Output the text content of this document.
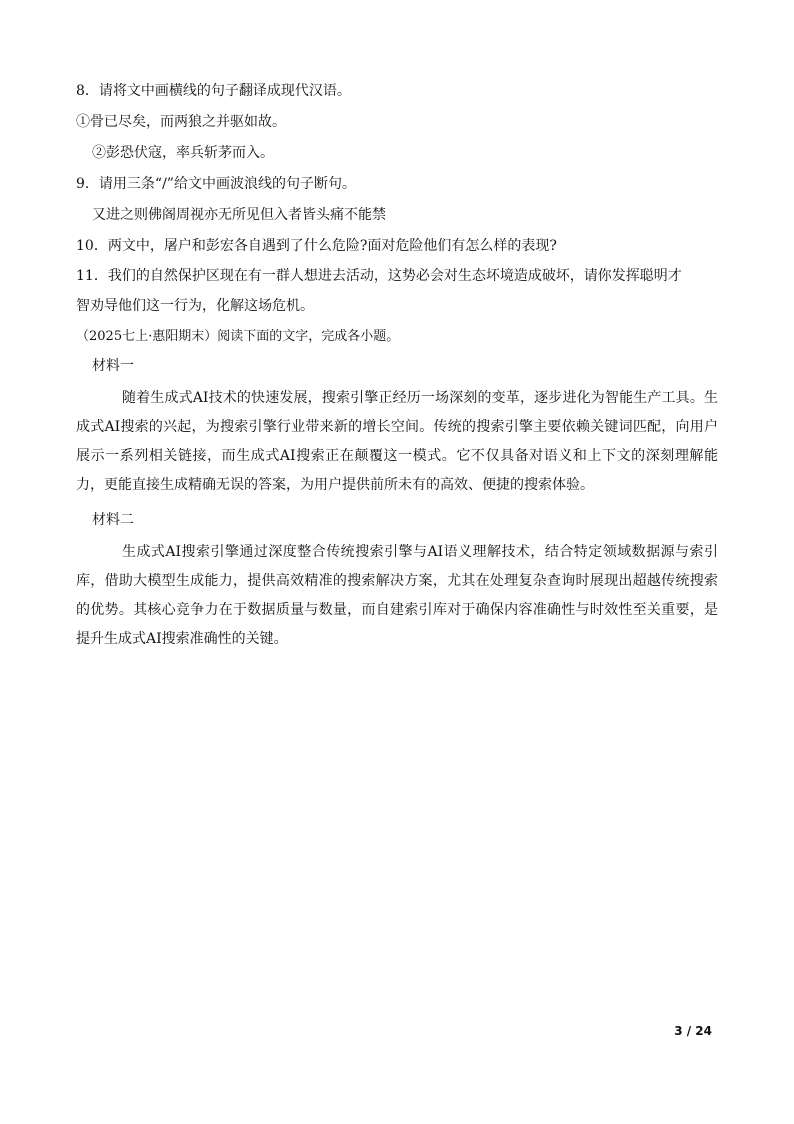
8．请将文中画横线的句子翻译成现代汉语。
①骨已尽矣，而两狼之并驱如故。
②彭恐伏寇，率兵斩茅而入。
9．请用三条“/”给文中画波浪线的句子断句。
又进之则佛阁周视亦无所见但入者皆头痛不能禁
10．两文中，屠户和彭宏各自遇到了什么危险?面对危险他们有怎么样的表现?
11．我们的自然保护区现在有一群人想进去活动，这势必会对生态坏境造成破坏，请你发挥聪明才
智劝导他们这一行为，化解这场危机。
（2025七上·惠阳期末）阅读下面的文字，完成各小题。
材料一

随着生成式AI技术的快速发展，搜索引擎正经历一场深刻的变革，逐步进化为智能生产工具。生成式AI搜索的兴起，为搜索引擎行业带来新的增长空间。传统的搜索引擎主要依赖关键词匹配，向用户展示一系列相关链接，而生成式AI搜索正在颠覆这一模式。它不仅具备对语义和上下文的深刻理解能力，更能直接生成精确无误的答案，为用户提供前所未有的高效、便捷的搜索体验。

材料二

生成式AI搜索引擎通过深度整合传统搜索引擎与AI语义理解技术，结合特定领域数据源与索引库，借助大模型生成能力，提供高效精准的搜索解决方案，尤其在处理复杂查询时展现出超越传统搜索的优势。其核心竞争力在于数据质量与数量，而自建索引库对于确保内容准确性与时效性至关重要，是提升生成式AI搜索准确性的关键。

3 / 24
